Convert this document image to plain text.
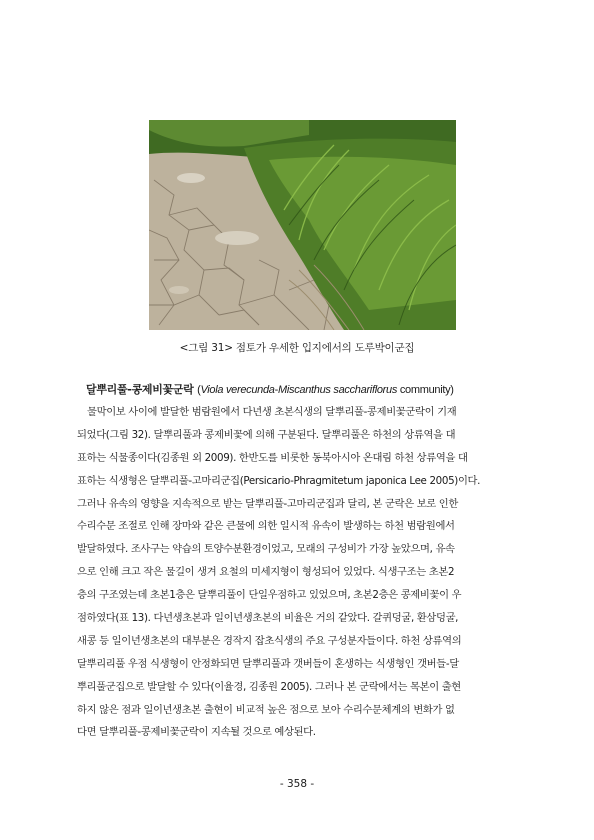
<그림 31> 점토가 우세한 입지에서의 도루박이군집
달뿌리풀-콩제비꽃군락 (Viola verecunda-Miscanthus sacchariflorus community)
물막이보 사이에 발달한 범람원에서 다년생 초본식생의 달뿌리풀-콩제비꽃군락이 기재
되었다(그림 32). 달뿌리풀과 콩제비꽃에 의해 구분된다. 달뿌리풀은 하천의 상류역을 대
표하는 식물종이다(김종원 외 2009). 한반도를 비롯한 동북아시아 온대림 하천 상류역을 대
표하는 식생형은 달뿌리풀-고마리군집(Persicario-Phragmitetum japonica Lee 2005)이다.
그러나 유속의 영향을 지속적으로 받는 달뿌리풀-고마리군집과 달리, 본 군락은 보로 인한
수리수문 조절로 인해 장마와 같은 큰물에 의한 일시적 유속이 발생하는 하천 범람원에서
발달하였다. 조사구는 약습의 토양수분환경이었고, 모래의 구성비가 가장 높았으며, 유속
으로 인해 크고 작은 물길이 생겨 요철의 미세지형이 형성되어 있었다. 식생구조는 초본2
층의 구조였는데 초본1층은 달뿌리풀이 단일우점하고 있었으며, 초본2층은 콩제비꽃이 우
점하였다(표 13). 다년생초본과 일이년생초본의 비율은 거의 같았다. 갈퀴덩굴, 환삼덩굴,
새콩 등 일이년생초본의 대부분은 경작지 잡초식생의 주요 구성분자들이다. 하천 상류역의
달뿌리리풀 우점 식생형이 안정화되면 달뿌리풀과 갯버들이 혼생하는 식생형인 갯버들-달
뿌리풀군집으로 발달할 수 있다(이율경, 김종원 2005). 그러나 본 군락에서는 목본이 출현
하지 않은 점과 일이년생초본 출현이 비교적 높은 점으로 보아 수리수문체계의 변화가 없
다면 달뿌리풀-콩제비꽃군락이 지속될 것으로 예상된다.
- 358 -
